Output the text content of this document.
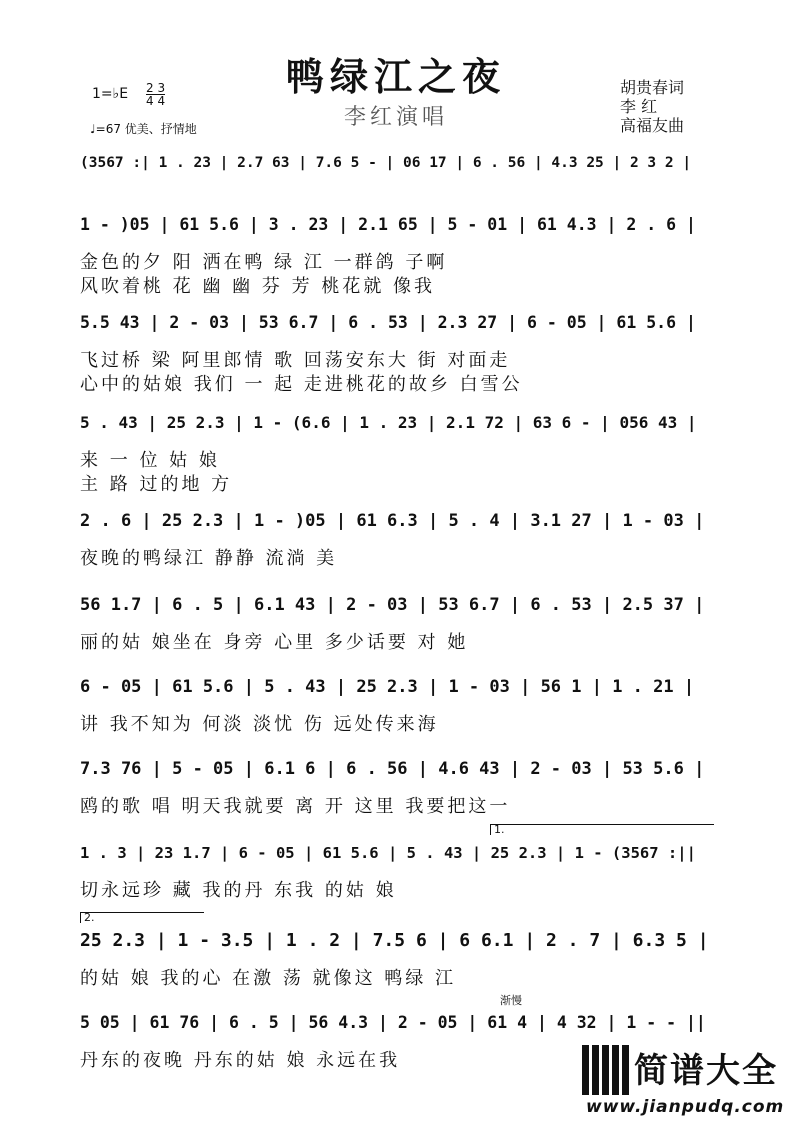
鸭绿江之夜
李红演唱
1=♭E 2 3
4 4
♩=67 优美、抒情地
胡贵春词
李 红
高福友曲
(3567 :| 1 . 23 | 2.7 63 | 7.6 5 - | 06 17 | 6 . 56 | 4.3 25 | 2 3 2 |
1 - )05 | 61 5.6 | 3 . 23 | 2.1 65 | 5 - 01 | 61 4.3 | 2 . 6 |
金色的夕 阳 洒在鸭 绿 江 一群鸽 子啊
风吹着桃 花 幽 幽 芬 芳 桃花就 像我
5.5 43 | 2 - 03 | 53 6.7 | 6 . 53 | 2.3 27 | 6 - 05 | 61 5.6 |
飞过桥 梁 阿里郎情 歌 回荡安东大 街 对面走
心中的姑娘 我们 一 起 走进桃花的故乡 白雪公
5 . 43 | 25 2.3 | 1 - (6.6 | 1 . 23 | 2.1 72 | 63 6 - | 056 43 |
来 一 位 姑 娘
主 路 过的地 方
2 . 6 | 25 2.3 | 1 - )05 | 61 6.3 | 5 . 4 | 3.1 27 | 1 - 03 |
夜晚的鸭绿江 静静 流淌 美
56 1.7 | 6 . 5 | 6.1 43 | 2 - 03 | 53 6.7 | 6 . 53 | 2.5 37 |
丽的姑 娘坐在 身旁 心里 多少话要 对 她
6 - 05 | 61 5.6 | 5 . 43 | 25 2.3 | 1 - 03 | 56 1 | 1 . 21 |
讲 我不知为 何淡 淡忧 伤 远处传来海
7.3 76 | 5 - 05 | 6.1 6 | 6 . 56 | 4.6 43 | 2 - 03 | 53 5.6 |
鸥的歌 唱 明天我就要 离 开 这里 我要把这一
1 . 3 | 23 1.7 | 6 - 05 | 61 5.6 | 5 . 43 | 25 2.3 | 1 - (3567 :||
1.
切永远珍 藏 我的丹 东我 的姑 娘
25 2.3 | 1 - 3.5 | 1 . 2 | 7.5 6 | 6 6.1 | 2 . 7 | 6.3 5 |
2.
的姑 娘 我的心 在激 荡 就像这 鸭绿 江
5 05 | 61 76 | 6 . 5 | 56 4.3 | 2 - 05 | 61 4 | 4 32 | 1 - - ||
渐慢
丹东的夜晚 丹东的姑 娘 永远在我	简谱大全
www.jianpudq.com
